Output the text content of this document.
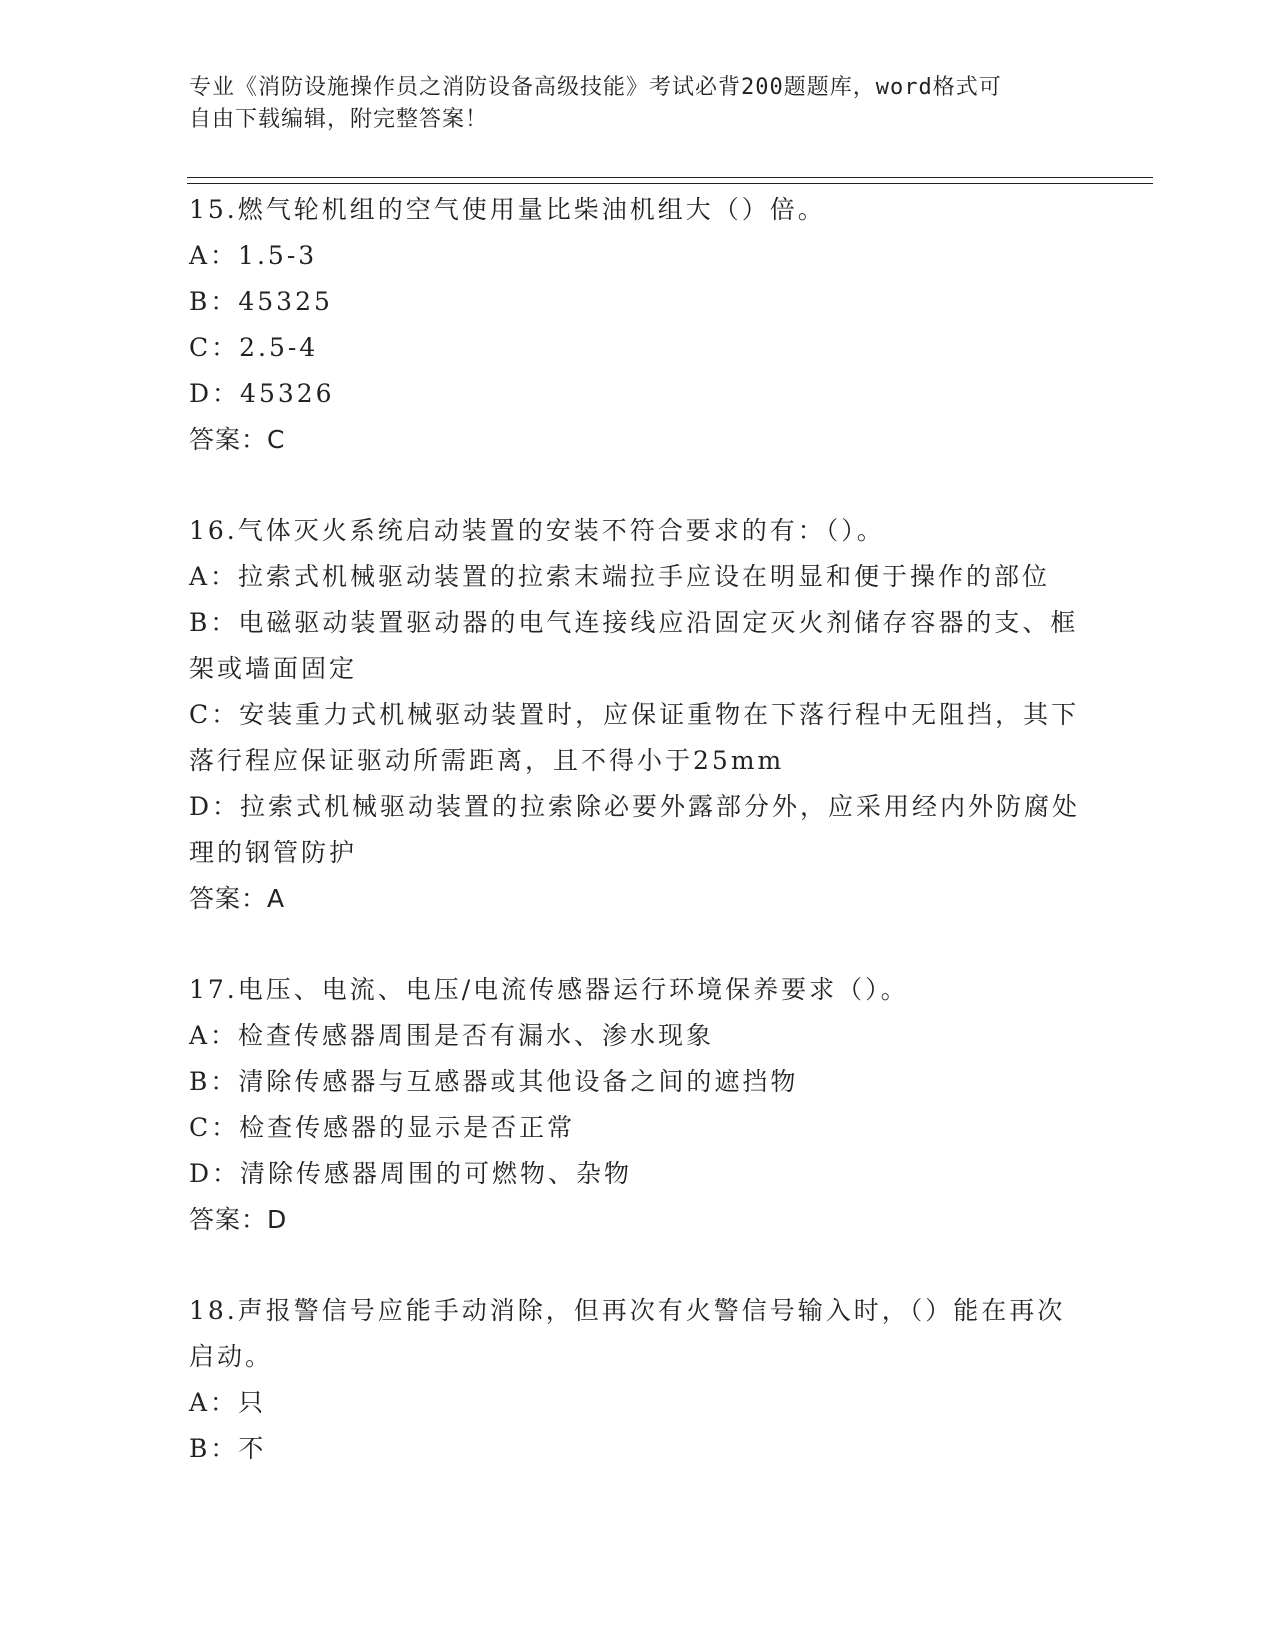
专业《消防设施操作员之消防设备高级技能》考试必背200题题库，word格式可
自由下载编辑，附完整答案！
15.燃气轮机组的空气使用量比柴油机组大（）倍。
A：1.5-3
B：45325
C：2.5-4
D：45326
答案：C
16.气体灭火系统启动装置的安装不符合要求的有：（）。
A：拉索式机械驱动装置的拉索末端拉手应设在明显和便于操作的部位
B：电磁驱动装置驱动器的电气连接线应沿固定灭火剂储存容器的支、框架或墙面固定
C：安装重力式机械驱动装置时，应保证重物在下落行程中无阻挡，其下落行程应保证驱动所需距离，且不得小于25mm
D：拉索式机械驱动装置的拉索除必要外露部分外，应采用经内外防腐处理的钢管防护
答案：A
17.电压、电流、电压/电流传感器运行环境保养要求（）。
A：检查传感器周围是否有漏水、渗水现象
B：清除传感器与互感器或其他设备之间的遮挡物
C：检查传感器的显示是否正常
D：清除传感器周围的可燃物、杂物
答案：D
18.声报警信号应能手动消除，但再次有火警信号输入时，（）能在再次启动。
A：只
B：不
